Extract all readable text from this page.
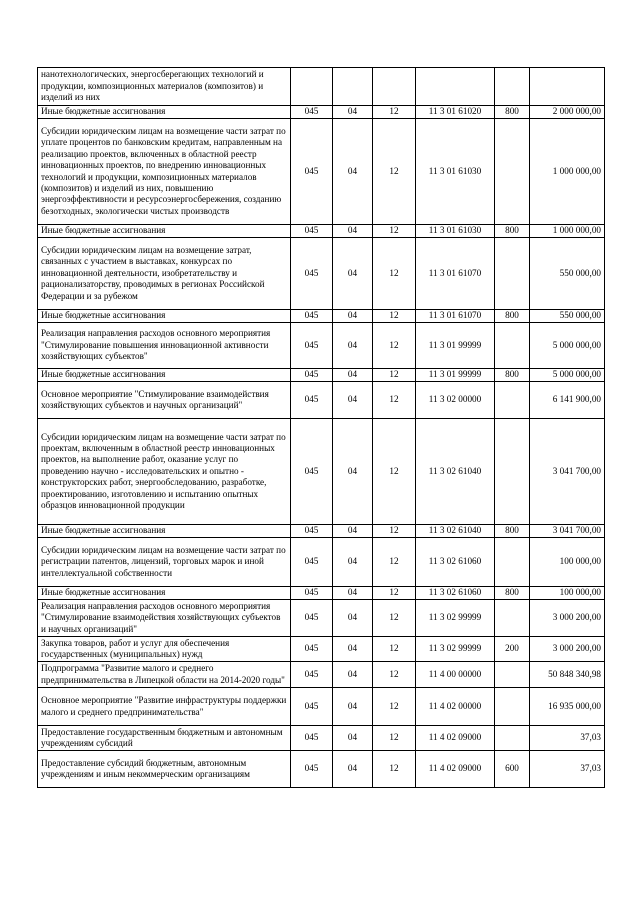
нанотехнологических, энергосберегающих технологий и продукции, композиционных материалов (композитов) и изделий из них						
Иные бюджетные ассигнования	045	04	12	11 3 01 61020	800	2 000 000,00
Субсидии юридическим лицам на возмещение части затрат по уплате процентов по банковским кредитам, направленным на реализацию проектов, включенных в областной реестр инновационных проектов, по внедрению инновационных технологий и продукции, композиционных материалов (композитов) и изделий из них, повышению энергоэффективности и ресурсоэнергосбережения, созданию безотходных, экологически чистых производств	045	04	12	11 3 01 61030		1 000 000,00
Иные бюджетные ассигнования	045	04	12	11 3 01 61030	800	1 000 000,00
Субсидии юридическим лицам на возмещение затрат, связанных с участием в выставках, конкурсах по инновационной деятельности, изобретательству и рационализаторству, проводимых в регионах Российской Федерации и за рубежом	045	04	12	11 3 01 61070		550 000,00
Иные бюджетные ассигнования	045	04	12	11 3 01 61070	800	550 000,00
Реализация направления расходов основного мероприятия "Стимулирование повышения инновационной активности хозяйствующих субъектов"	045	04	12	11 3 01 99999		5 000 000,00
Иные бюджетные ассигнования	045	04	12	11 3 01 99999	800	5 000 000,00
Основное мероприятие "Стимулирование взаимодействия хозяйствующих субъектов и научных организаций"	045	04	12	11 3 02 00000		6 141 900,00
Субсидии юридическим лицам на возмещение части затрат по проектам, включенным в областной реестр инновационных проектов, на выполнение работ, оказание услуг по проведению научно - исследовательских и опытно - конструкторских работ, энергообследованию, разработке, проектированию, изготовлению и испытанию опытных образцов инновационной продукции	045	04	12	11 3 02 61040		3 041 700,00
Иные бюджетные ассигнования	045	04	12	11 3 02 61040	800	3 041 700,00
Субсидии юридическим лицам на возмещение части затрат по регистрации патентов, лицензий, торговых марок и иной интеллектуальной собственности	045	04	12	11 3 02 61060		100 000,00
Иные бюджетные ассигнования	045	04	12	11 3 02 61060	800	100 000,00
Реализация направления расходов основного мероприятия "Стимулирование взаимодействия хозяйствующих субъектов и научных организаций"	045	04	12	11 3 02 99999		3 000 200,00
Закупка товаров, работ и услуг для обеспечения государственных (муниципальных) нужд	045	04	12	11 3 02 99999	200	3 000 200,00
Подпрограмма "Развитие малого и среднего предпринимательства в Липецкой области на 2014-2020 годы"	045	04	12	11 4 00 00000		50 848 340,98
Основное мероприятие "Развитие инфраструктуры поддержки малого и среднего предпринимательства"	045	04	12	11 4 02 00000		16 935 000,00
Предоставление государственным бюджетным и автономным учреждениям субсидий	045	04	12	11 4 02 09000		37,03
Предоставление субсидий бюджетным, автономным учреждениям и иным некоммерческим организациям	045	04	12	11 4 02 09000	600	37,03
